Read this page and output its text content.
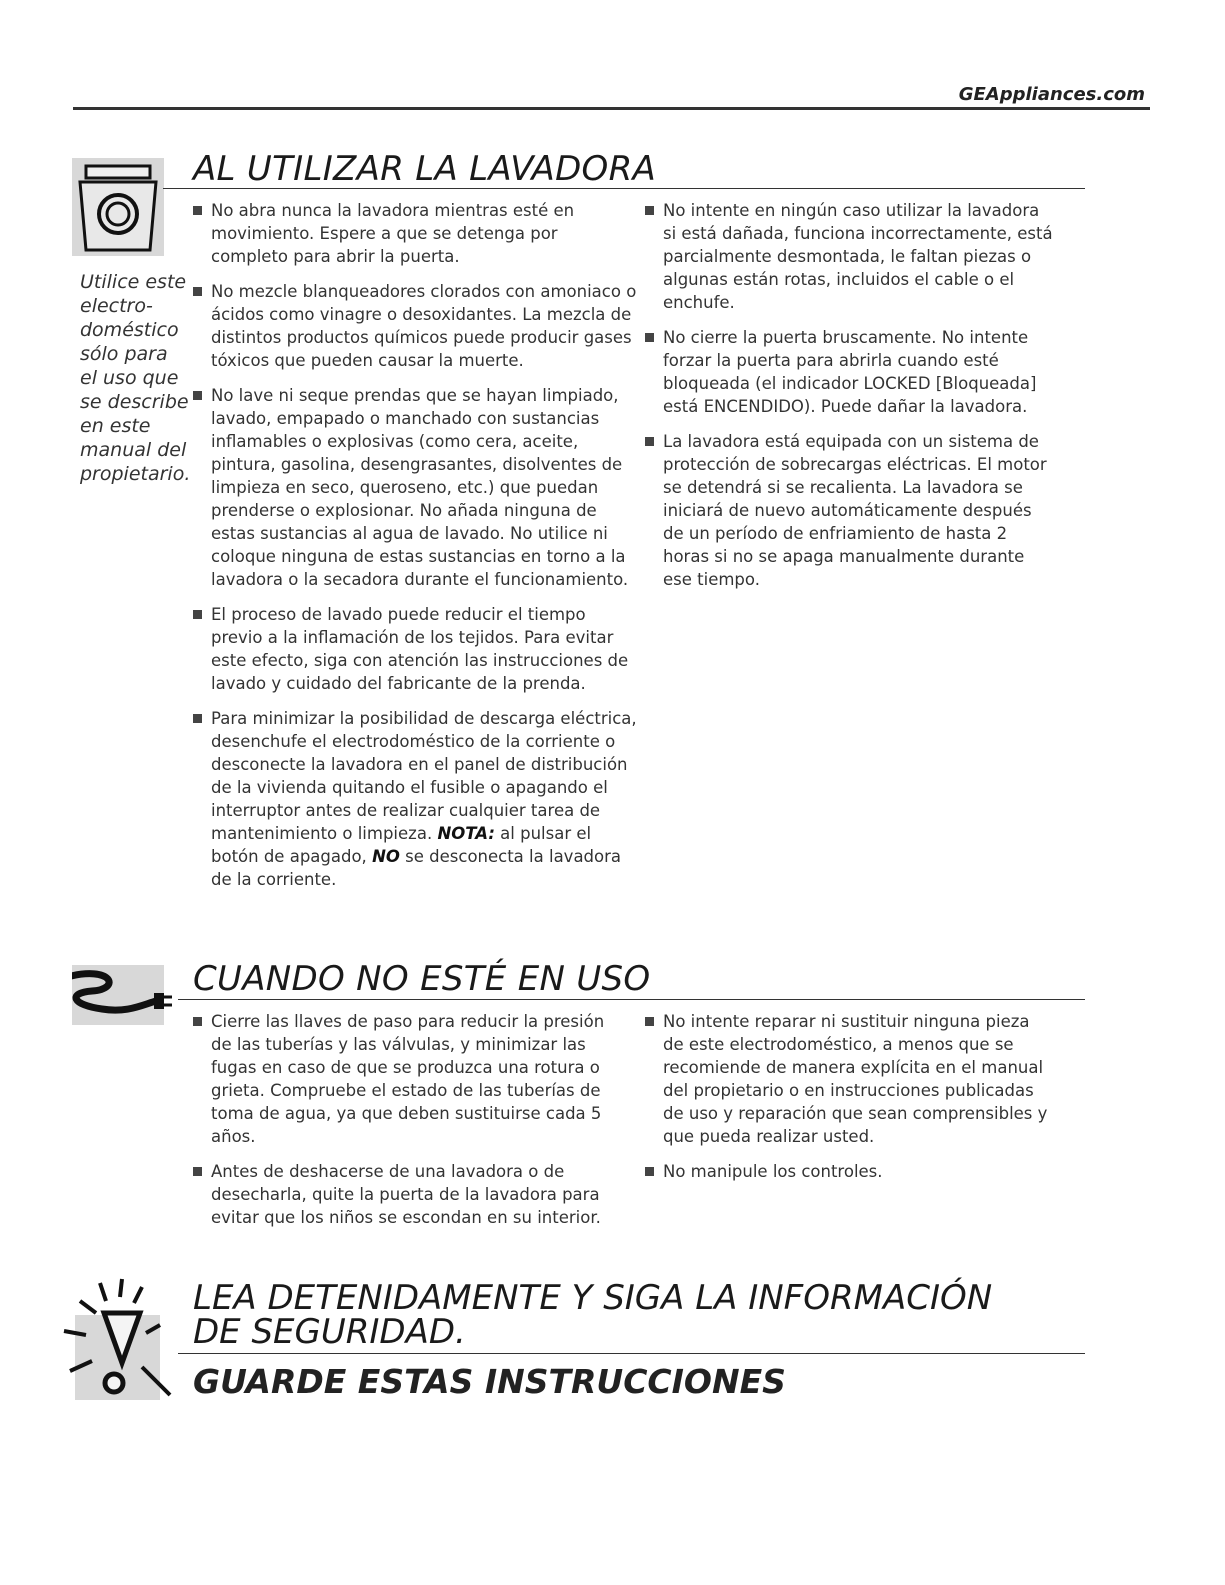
GEAppliances.com
AL UTILIZAR LA LAVADORA
Utilice este electro- doméstico sólo para el uso que se describe en este manual del propietario.
No abra nunca la lavadora mientras esté en movimiento. Espere a que se detenga por completo para abrir la puerta.
No mezcle blanqueadores clorados con amoniaco o ácidos como vinagre o desoxidantes. La mezcla de distintos productos químicos puede producir gases tóxicos que pueden causar la muerte.
No lave ni seque prendas que se hayan limpiado, lavado, empapado o manchado con sustancias inflamables o explosivas (como cera, aceite, pintura, gasolina, desengrasantes, disolventes de limpieza en seco, queroseno, etc.) que puedan prenderse o explosionar. No añada ninguna de estas sustancias al agua de lavado. No utilice ni coloque ninguna de estas sustancias en torno a la lavadora o la secadora durante el funcionamiento.
El proceso de lavado puede reducir el tiempo previo a la inflamación de los tejidos. Para evitar este efecto, siga con atención las instrucciones de lavado y cuidado del fabricante de la prenda.
Para minimizar la posibilidad de descarga eléctrica, desenchufe el electrodoméstico de la corriente o desconecte la lavadora en el panel de distribución de la vivienda quitando el fusible o apagando el interruptor antes de realizar cualquier tarea de mantenimiento o limpieza. NOTA: al pulsar el botón de apagado, NO se desconecta la lavadora de la corriente.
No intente en ningún caso utilizar la lavadora si está dañada, funciona incorrectamente, está parcialmente desmontada, le faltan piezas o algunas están rotas, incluidos el cable o el enchufe.
No cierre la puerta bruscamente. No intente forzar la puerta para abrirla cuando esté bloqueada (el indicador LOCKED [Bloqueada] está ENCENDIDO). Puede dañar la lavadora.
La lavadora está equipada con un sistema de protección de sobrecargas eléctricas. El motor se detendrá si se recalienta. La lavadora se iniciará de nuevo automáticamente después de un período de enfriamiento de hasta 2 horas si no se apaga manualmente durante ese tiempo.
CUANDO NO ESTÉ EN USO
Cierre las llaves de paso para reducir la presión de las tuberías y las válvulas, y minimizar las fugas en caso de que se produzca una rotura o grieta. Compruebe el estado de las tuberías de toma de agua, ya que deben sustituirse cada 5 años.
Antes de deshacerse de una lavadora o de desecharla, quite la puerta de la lavadora para evitar que los niños se escondan en su interior.
No intente reparar ni sustituir ninguna pieza de este electrodoméstico, a menos que se recomiende de manera explícita en el manual del propietario o en instrucciones publicadas de uso y reparación que sean comprensibles y que pueda realizar usted.
No manipule los controles.
LEA DETENIDAMENTE Y SIGA LA INFORMACIÓN
DE SEGURIDAD.
GUARDE ESTAS INSTRUCCIONES
